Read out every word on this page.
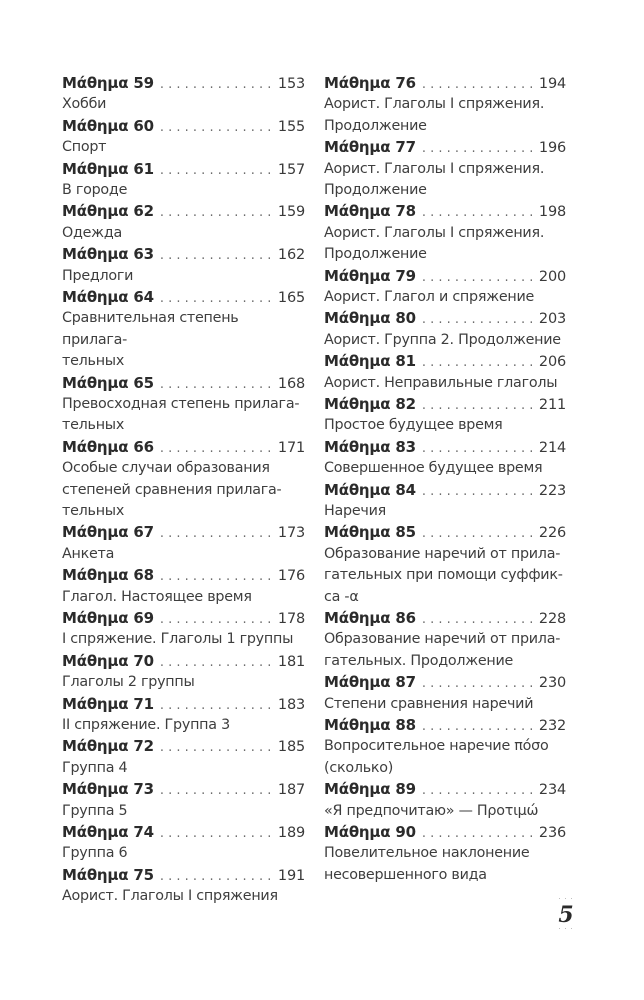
Μάθημα 59 . . .	153
Хобби
Μάθημα 60 . . .	155
Спорт
Μάθημα 61 . . .	157
В городе
Μάθημα 62 . . .	159
Одежда
Μάθημα 63 . . .	162
Предлоги
Μάθημα 64 . . .	165
Сравнительная степень прилага-
тельных
Μάθημα 65 . . .	168
Превосходная степень прилага-
тельных
Μάθημα 66 . . .	171
Особые случаи образования
степеней сравнения прилага-
тельных
Μάθημα 67 . . .	173
Анкета
Μάθημα 68 . . .	176
Глагол. Настоящее время
Μάθημα 69 . . .	178
I спряжение. Глаголы 1 группы
Μάθημα 70 . . .	181
Глаголы 2 группы
Μάθημα 71 . . .	183
II спряжение. Группа 3
Μάθημα 72 . . .	185
Группа 4
Μάθημα 73 . . .	187
Группа 5
Μάθημα 74 . . .	189
Группа 6
Μάθημα 75 . . .	191
Аорист. Глаголы I спряжения
Μάθημα 76 . . .	194
Аорист. Глаголы I спряжения.
Продолжение
Μάθημα 77 . . .	196
Аорист. Глаголы I спряжения.
Продолжение
Μάθημα 78 . . .	198
Аорист. Глаголы I спряжения.
Продолжение
Μάθημα 79 . . .	200
Аорист. Глагол и спряжение
Μάθημα 80 . . .	203
Аорист. Группа 2. Продолжение
Μάθημα 81 . . .	206
Аорист. Неправильные глаголы
Μάθημα 82 . . .	211
Простое будущее время
Μάθημα 83 . . .	214
Совершенное будущее время
Μάθημα 84 . . .	223
Наречия
Μάθημα 85 . . .	226
Образование наречий от прила-
гательных при помощи суффик-
са -α
Μάθημα 86 . . .	228
Образование наречий от прила-
гательных. Продолжение
Μάθημα 87 . . .	230
Степени сравнения наречий
Μάθημα 88 . . .	232
Вопросительное наречие πόσο
(сколько)
Μάθημα 89 . . .	234
«Я предпочитаю» — Προτιμώ
Μάθημα 90 . . .	236
Повелительное наклонение
несовершенного вида
· · ·
5
· · ·
